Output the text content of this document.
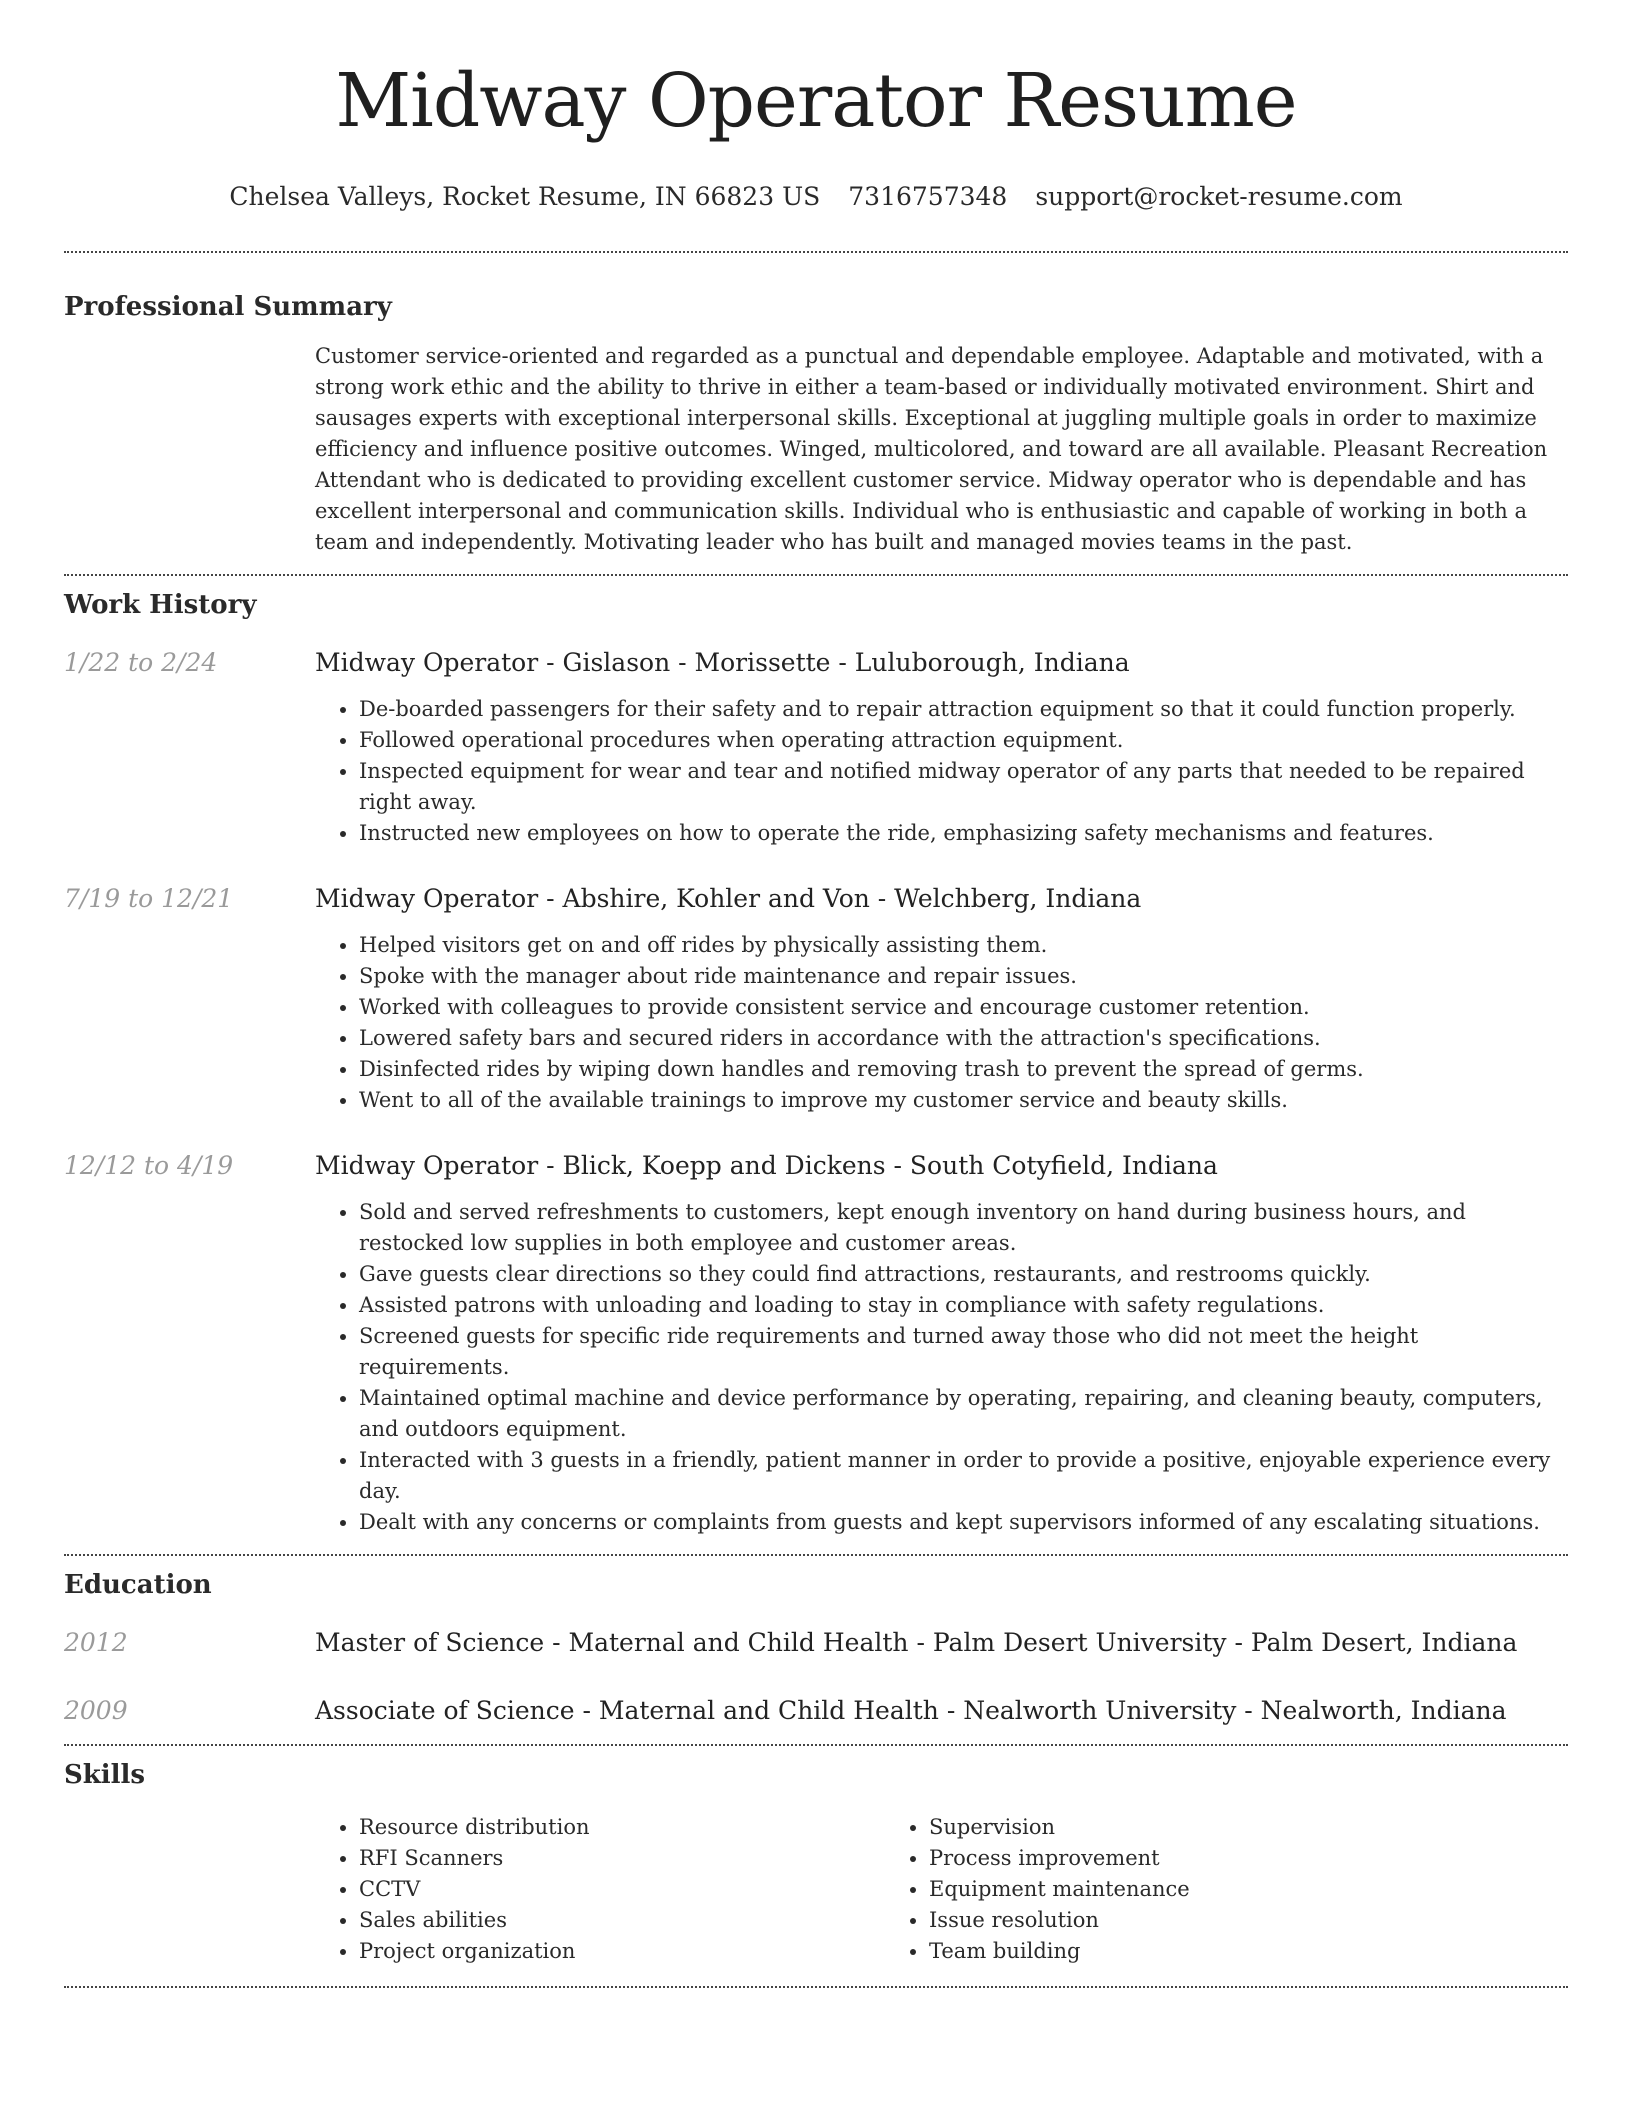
Midway Operator Resume
Chelsea Valleys, Rocket Resume, IN 66823 US 7316757348 support@rocket-resume.com
Professional Summary
Customer service-oriented and regarded as a punctual and dependable employee. Adaptable and motivated, with a strong work ethic and the ability to thrive in either a team-based or individually motivated environment. Shirt and sausages experts with exceptional interpersonal skills. Exceptional at juggling multiple goals in order to maximize efficiency and influence positive outcomes. Winged, multicolored, and toward are all available. Pleasant Recreation Attendant who is dedicated to providing excellent customer service. Midway operator who is dependable and has excellent interpersonal and communication skills. Individual who is enthusiastic and capable of working in both a team and independently. Motivating leader who has built and managed movies teams in the past.
Work History
1/22 to 2/24	Midway Operator - Gislason - Morissette - Luluborough, Indiana
• De-boarded passengers for their safety and to repair attraction equipment so that it could function properly.
• Followed operational procedures when operating attraction equipment.
• Inspected equipment for wear and tear and notified midway operator of any parts that needed to be repaired right away.
• Instructed new employees on how to operate the ride, emphasizing safety mechanisms and features.
7/19 to 12/21	Midway Operator - Abshire, Kohler and Von - Welchberg, Indiana
• Helped visitors get on and off rides by physically assisting them.
• Spoke with the manager about ride maintenance and repair issues.
• Worked with colleagues to provide consistent service and encourage customer retention.
• Lowered safety bars and secured riders in accordance with the attraction's specifications.
• Disinfected rides by wiping down handles and removing trash to prevent the spread of germs.
• Went to all of the available trainings to improve my customer service and beauty skills.
12/12 to 4/19	Midway Operator - Blick, Koepp and Dickens - South Cotyfield, Indiana
• Sold and served refreshments to customers, kept enough inventory on hand during business hours, and restocked low supplies in both employee and customer areas.
• Gave guests clear directions so they could find attractions, restaurants, and restrooms quickly.
• Assisted patrons with unloading and loading to stay in compliance with safety regulations.
• Screened guests for specific ride requirements and turned away those who did not meet the height requirements.
• Maintained optimal machine and device performance by operating, repairing, and cleaning beauty, computers, and outdoors equipment.
• Interacted with 3 guests in a friendly, patient manner in order to provide a positive, enjoyable experience every day.
• Dealt with any concerns or complaints from guests and kept supervisors informed of any escalating situations.
Education
2012	Master of Science - Maternal and Child Health - Palm Desert University - Palm Desert, Indiana
2009	Associate of Science - Maternal and Child Health - Nealworth University - Nealworth, Indiana
Skills
• Resource distribution
• RFI Scanners
• CCTV
• Sales abilities
• Project organization
• Supervision
• Process improvement
• Equipment maintenance
• Issue resolution
• Team building
